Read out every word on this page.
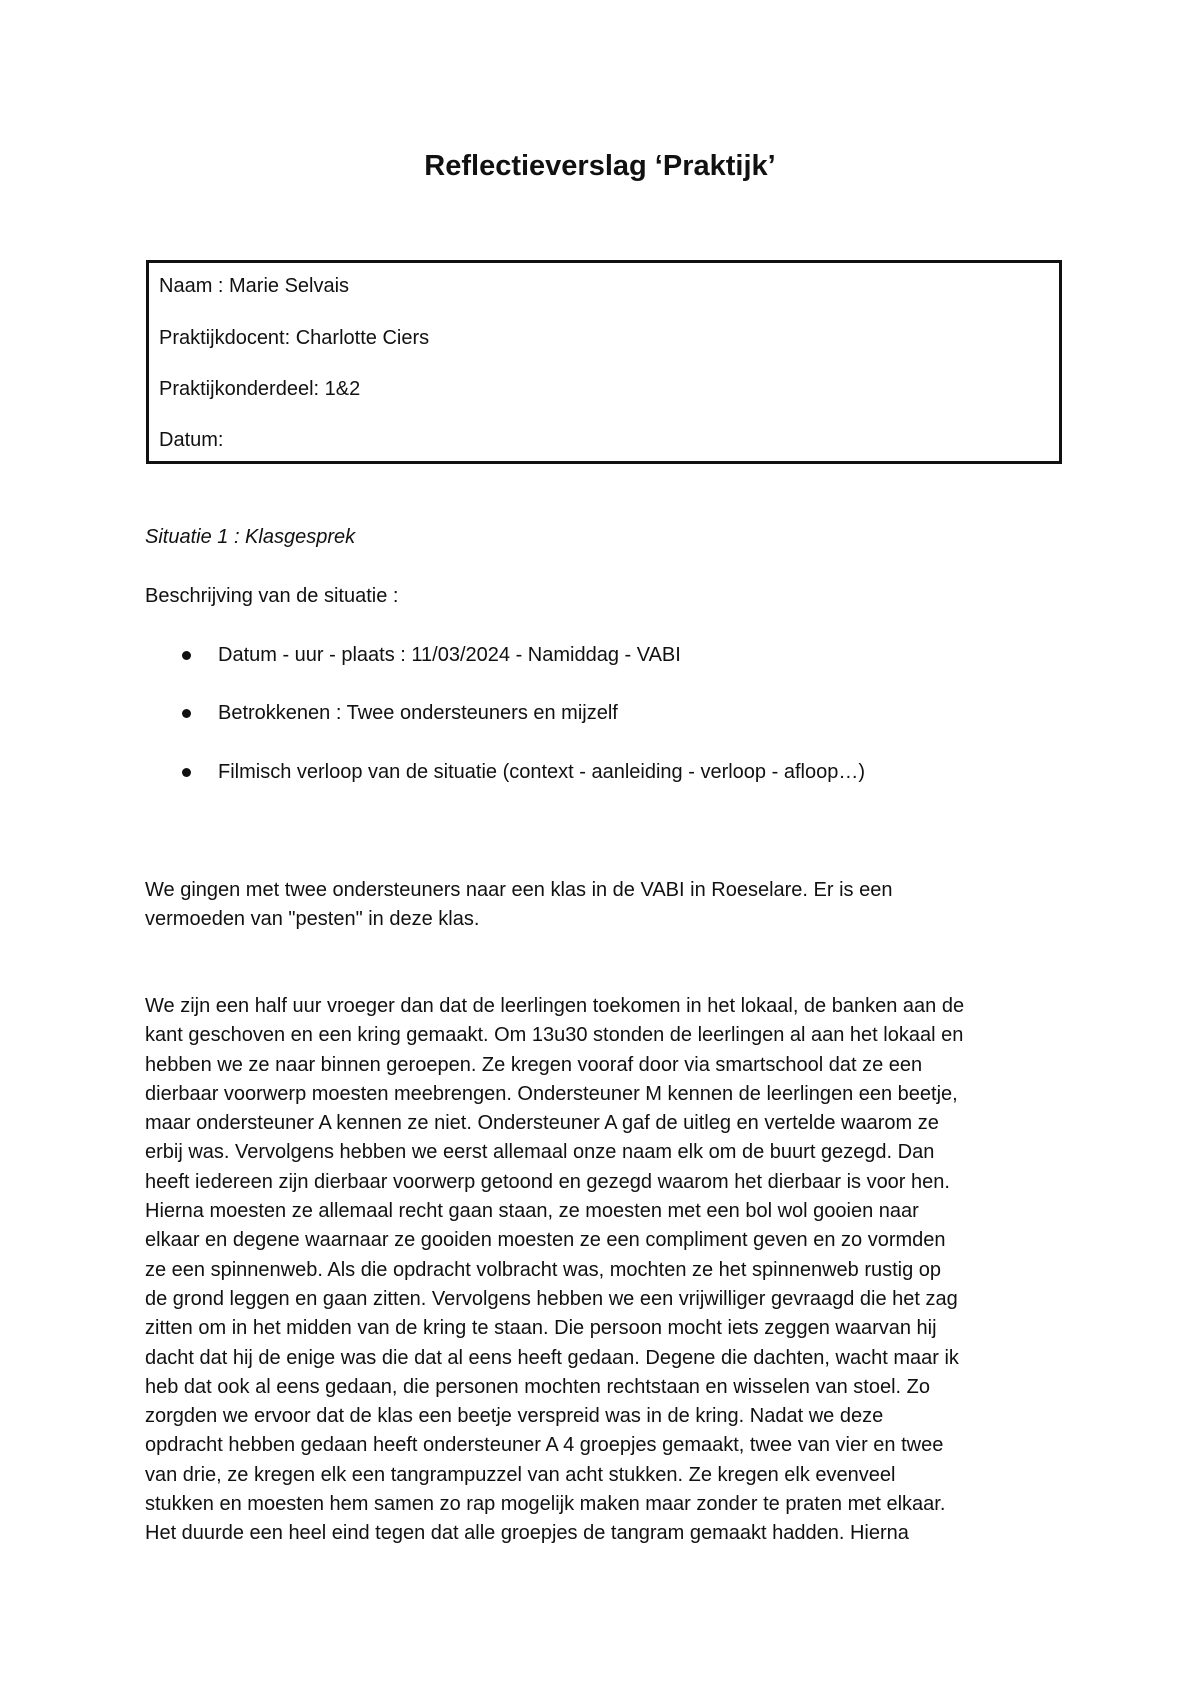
Reflectieverslag ‘Praktijk’
Naam : Marie Selvais
Praktijkdocent: Charlotte Ciers
Praktijkonderdeel: 1&2
Datum:
Situatie 1 : Klasgesprek
Beschrijving van de situatie :
Datum - uur - plaats : 11/03/2024 - Namiddag - VABI
Betrokkenen : Twee ondersteuners en mijzelf
Filmisch verloop van de situatie (context - aanleiding - verloop - afloop…)
We gingen met twee ondersteuners naar een klas in de VABI in Roeselare. Er is een
vermoeden van "pesten" in deze klas.
We zijn een half uur vroeger dan dat de leerlingen toekomen in het lokaal, de banken aan de
kant geschoven en een kring gemaakt. Om 13u30 stonden de leerlingen al aan het lokaal en
hebben we ze naar binnen geroepen. Ze kregen vooraf door via smartschool dat ze een
dierbaar voorwerp moesten meebrengen. Ondersteuner M kennen de leerlingen een beetje,
maar ondersteuner A kennen ze niet. Ondersteuner A gaf de uitleg en vertelde waarom ze
erbij was. Vervolgens hebben we eerst allemaal onze naam elk om de buurt gezegd. Dan
heeft iedereen zijn dierbaar voorwerp getoond en gezegd waarom het dierbaar is voor hen.
Hierna moesten ze allemaal recht gaan staan, ze moesten met een bol wol gooien naar
elkaar en degene waarnaar ze gooiden moesten ze een compliment geven en zo vormden
ze een spinnenweb. Als die opdracht volbracht was, mochten ze het spinnenweb rustig op
de grond leggen en gaan zitten. Vervolgens hebben we een vrijwilliger gevraagd die het zag
zitten om in het midden van de kring te staan. Die persoon mocht iets zeggen waarvan hij
dacht dat hij de enige was die dat al eens heeft gedaan. Degene die dachten, wacht maar ik
heb dat ook al eens gedaan, die personen mochten rechtstaan en wisselen van stoel. Zo
zorgden we ervoor dat de klas een beetje verspreid was in de kring. Nadat we deze
opdracht hebben gedaan heeft ondersteuner A 4 groepjes gemaakt, twee van vier en twee
van drie, ze kregen elk een tangrampuzzel van acht stukken. Ze kregen elk evenveel
stukken en moesten hem samen zo rap mogelijk maken maar zonder te praten met elkaar.
Het duurde een heel eind tegen dat alle groepjes de tangram gemaakt hadden. Hierna
